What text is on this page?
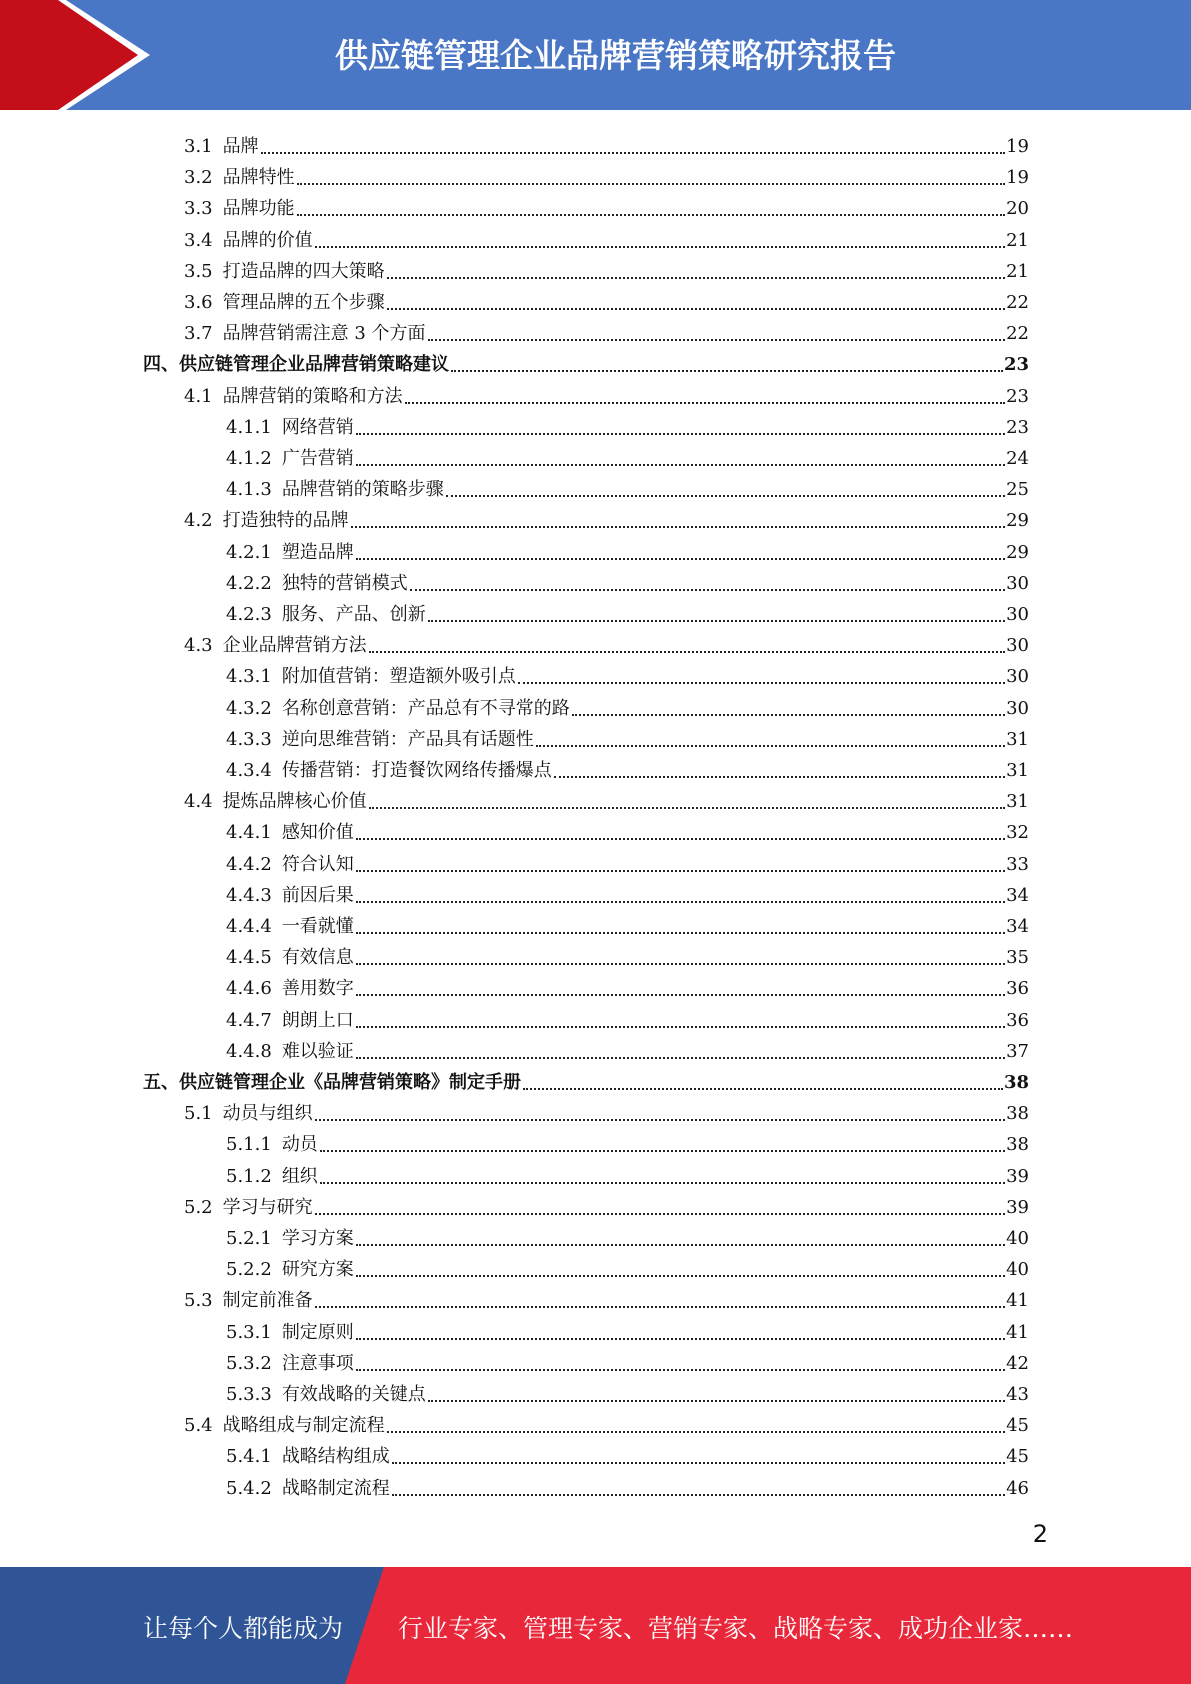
供应链管理企业品牌营销策略研究报告
3.1 品牌	19
3.2 品牌特性	19
3.3 品牌功能	20
3.4 品牌的价值	21
3.5 打造品牌的四大策略	21
3.6 管理品牌的五个步骤	22
3.7 品牌营销需注意 3 个方面	22
四、供应链管理企业品牌营销策略建议	23
4.1 品牌营销的策略和方法	23
4.1.1 网络营销	23
4.1.2 广告营销	24
4.1.3 品牌营销的策略步骤	25
4.2 打造独特的品牌	29
4.2.1 塑造品牌	29
4.2.2 独特的营销模式	30
4.2.3 服务、产品、创新	30
4.3 企业品牌营销方法	30
4.3.1 附加值营销：塑造额外吸引点	30
4.3.2 名称创意营销：产品总有不寻常的路	30
4.3.3 逆向思维营销：产品具有话题性	31
4.3.4 传播营销：打造餐饮网络传播爆点	31
4.4 提炼品牌核心价值	31
4.4.1 感知价值	32
4.4.2 符合认知	33
4.4.3 前因后果	34
4.4.4 一看就懂	34
4.4.5 有效信息	35
4.4.6 善用数字	36
4.4.7 朗朗上口	36
4.4.8 难以验证	37
五、供应链管理企业《品牌营销策略》制定手册	38
5.1 动员与组织	38
5.1.1 动员	38
5.1.2 组织	39
5.2 学习与研究	39
5.2.1 学习方案	40
5.2.2 研究方案	40
5.3 制定前准备	41
5.3.1 制定原则	41
5.3.2 注意事项	42
5.3.3 有效战略的关键点	43
5.4 战略组成与制定流程	45
5.4.1 战略结构组成	45
5.4.2 战略制定流程	46
2
让每个人都能成为 行业专家、管理专家、营销专家、战略专家、成功企业家……
